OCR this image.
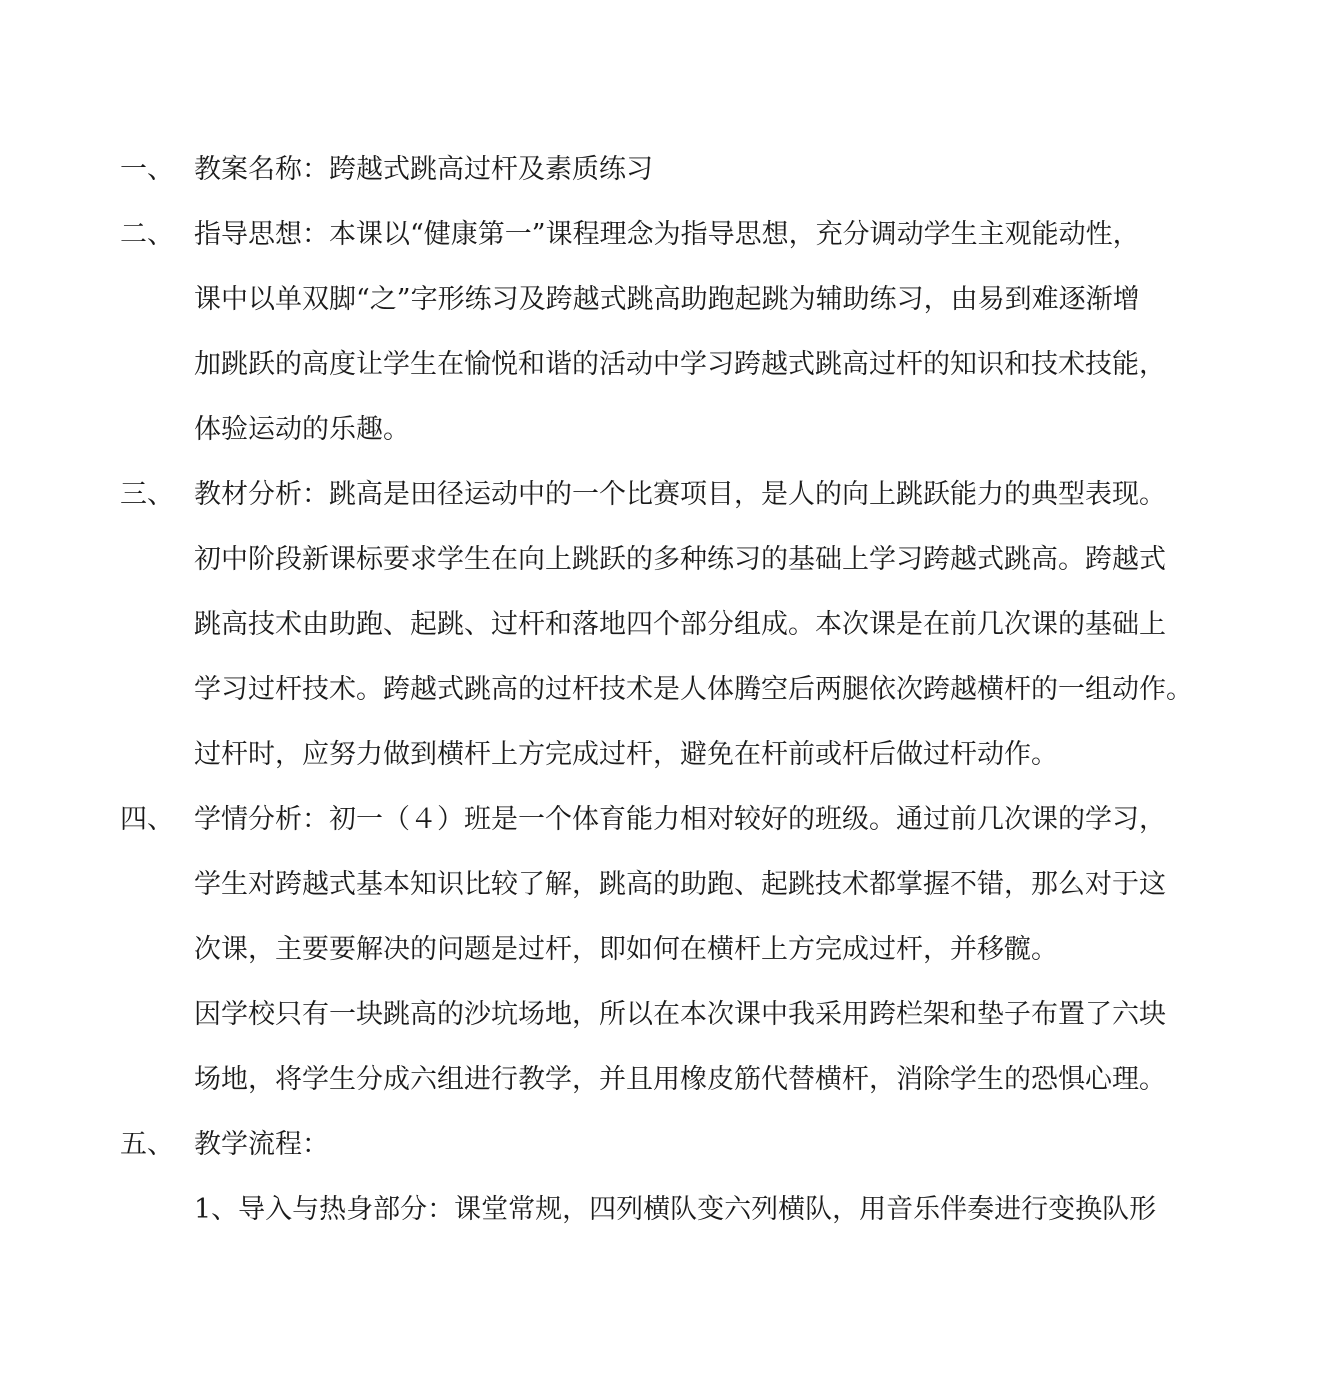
一、 教案名称：跨越式跳高过杆及素质练习
二、 指导思想：本课以“健康第一”课程理念为指导思想，充分调动学生主观能动性，
课中以单双脚“之”字形练习及跨越式跳高助跑起跳为辅助练习，由易到难逐渐增
加跳跃的高度让学生在愉悦和谐的活动中学习跨越式跳高过杆的知识和技术技能，
体验运动的乐趣。
三、 教材分析：跳高是田径运动中的一个比赛项目，是人的向上跳跃能力的典型表现。
初中阶段新课标要求学生在向上跳跃的多种练习的基础上学习跨越式跳高。跨越式
跳高技术由助跑、起跳、过杆和落地四个部分组成。本次课是在前几次课的基础上
学习过杆技术。跨越式跳高的过杆技术是人体腾空后两腿依次跨越横杆的一组动作。
过杆时，应努力做到横杆上方完成过杆，避免在杆前或杆后做过杆动作。
四、 学情分析：初一（４）班是一个体育能力相对较好的班级。通过前几次课的学习，
学生对跨越式基本知识比较了解，跳高的助跑、起跳技术都掌握不错，那么对于这
次课，主要要解决的问题是过杆，即如何在横杆上方完成过杆，并移髋。
因学校只有一块跳高的沙坑场地，所以在本次课中我采用跨栏架和垫子布置了六块
场地，将学生分成六组进行教学，并且用橡皮筋代替横杆，消除学生的恐惧心理。
五、 教学流程：
1、导入与热身部分：课堂常规，四列横队变六列横队，用音乐伴奏进行变换队形
